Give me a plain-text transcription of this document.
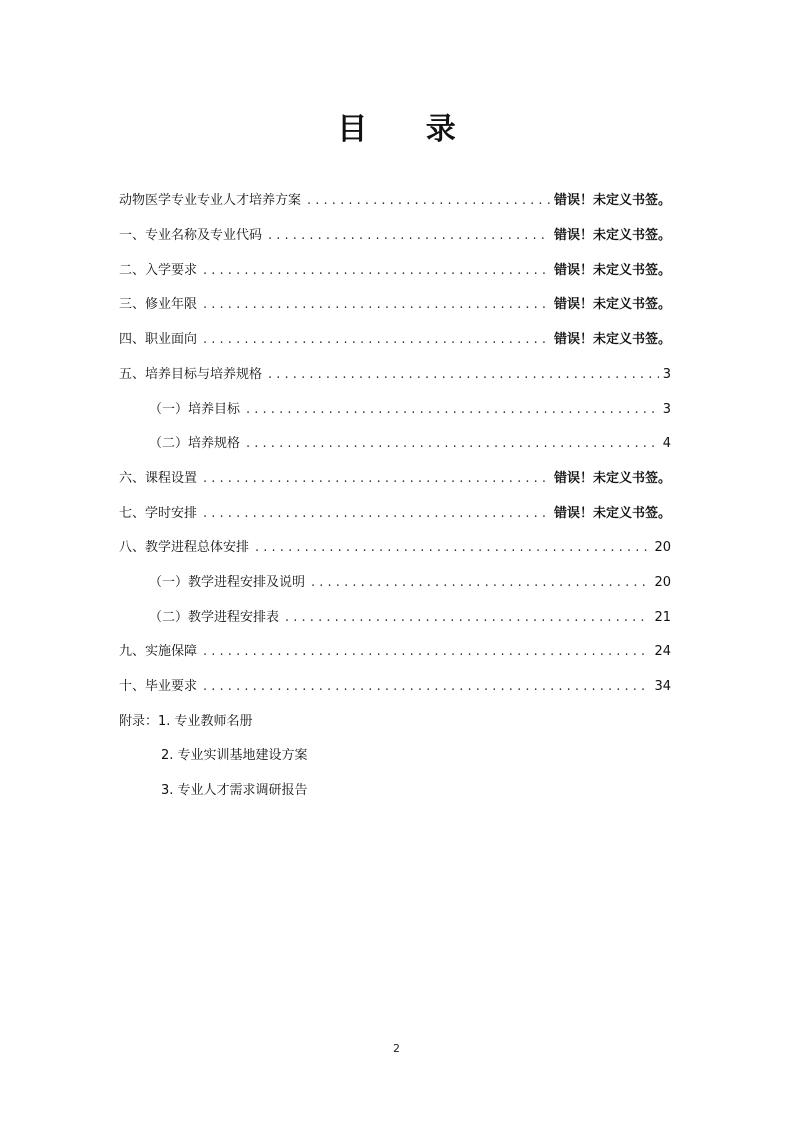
目 录
动物医学专业专业人才培养方案 . . .	错误！未定义书签。
一、专业名称及专业代码 . . .	错误！未定义书签。
二、入学要求 . . .	错误！未定义书签。
三、修业年限 . . .	错误！未定义书签。
四、职业面向 . . .	错误！未定义书签。
五、培养目标与培养规格 . . .	3
（一）培养目标 . . .	3
（二）培养规格 . . .	4
六、课程设置 . . .	错误！未定义书签。
七、学时安排 . . .	错误！未定义书签。
八、教学进程总体安排 . . .	20
（一）教学进程安排及说明 . . .	20
（二）教学进程安排表 . . .	21
九、实施保障 . . .	24
十、毕业要求 . . .	34
附录：1. 专业教师名册
2. 专业实训基地建设方案
3. 专业人才需求调研报告
2
